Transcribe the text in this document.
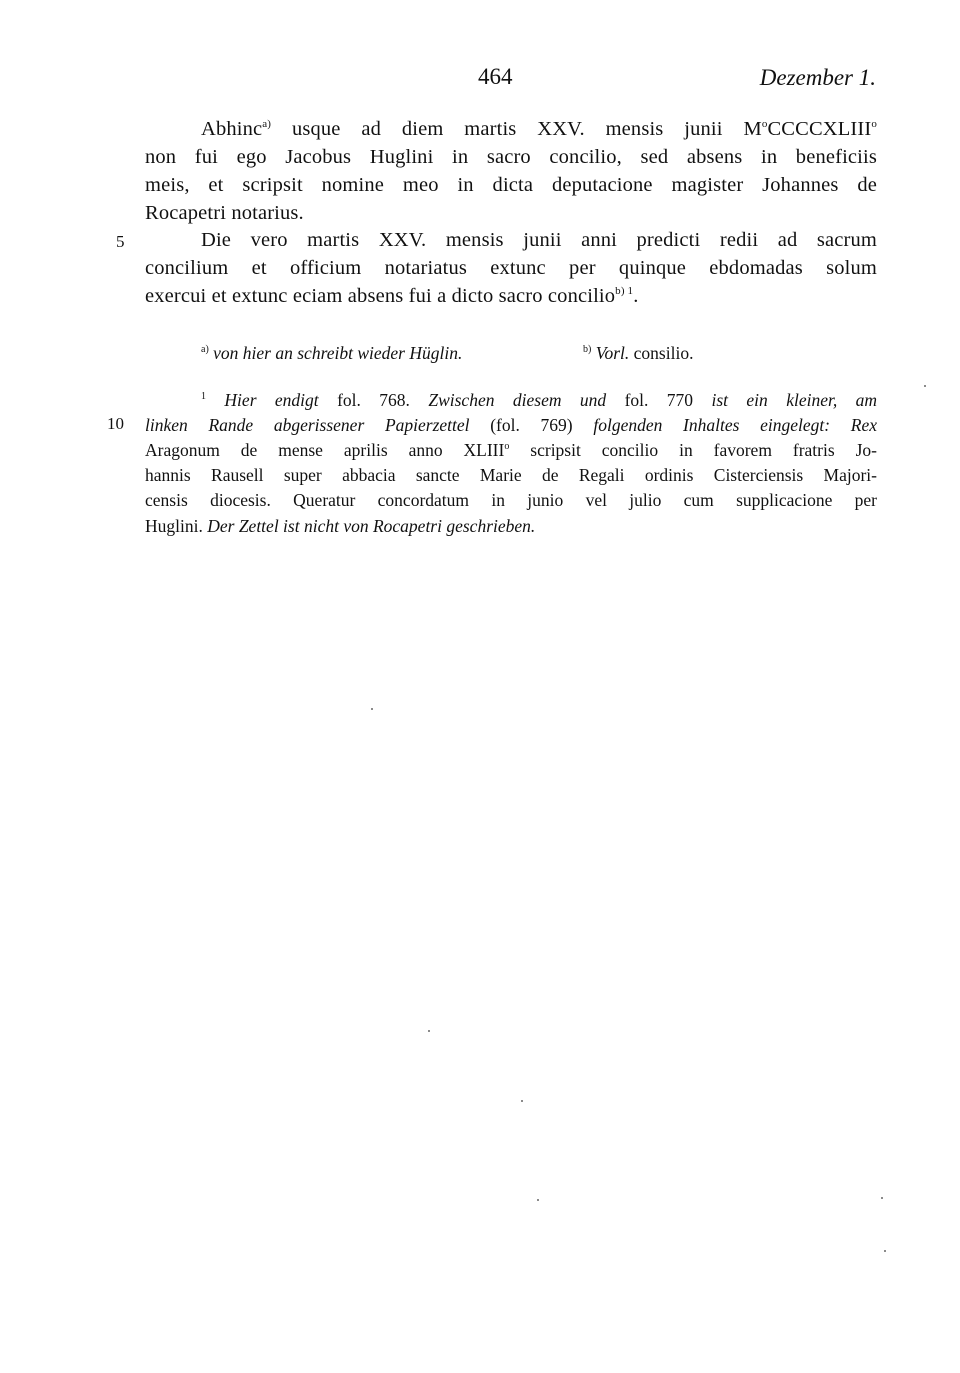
464	Dezember 1.
5
10
Abhinc$^{a)}$ usque ad diem martis XXV. mensis junii $M^oCCCCXLIII^o$
non fui ego Jacobus Huglini in sacro concilio, sed absens in beneficiis
meis, et scripsit nomine meo in dicta deputacione magister Johannes de
Rocapetri notarius.
Die vero martis XXV. mensis junii anni predicti redii ad sacrum
concilium et officium notariatus extunc per quinque ebdomadas solum
exercui et extunc eciam absens fui a dicto sacro concilio$^{b) 1}$.
$^{a)}$ von hier an schreibt wieder Hüglin.	$^{b)}$ Vorl. consilio.
$^1$ Hier endigt fol. 768. Zwischen diesem und fol. 770 ist ein kleiner, am
linken Rande abgerissener Papierzettel (fol. 769) folgenden Inhaltes eingelegt: Rex
Aragonum de mense aprilis anno XLIII$^o$ scripsit concilio in favorem fratris Jo-
hannis Rausell super abbacia sancte Marie de Regali ordinis Cisterciensis Majori-
censis diocesis. Queratur concordatum in junio vel julio cum supplicacione per
Huglini. Der Zettel ist nicht von Rocapetri geschrieben.
